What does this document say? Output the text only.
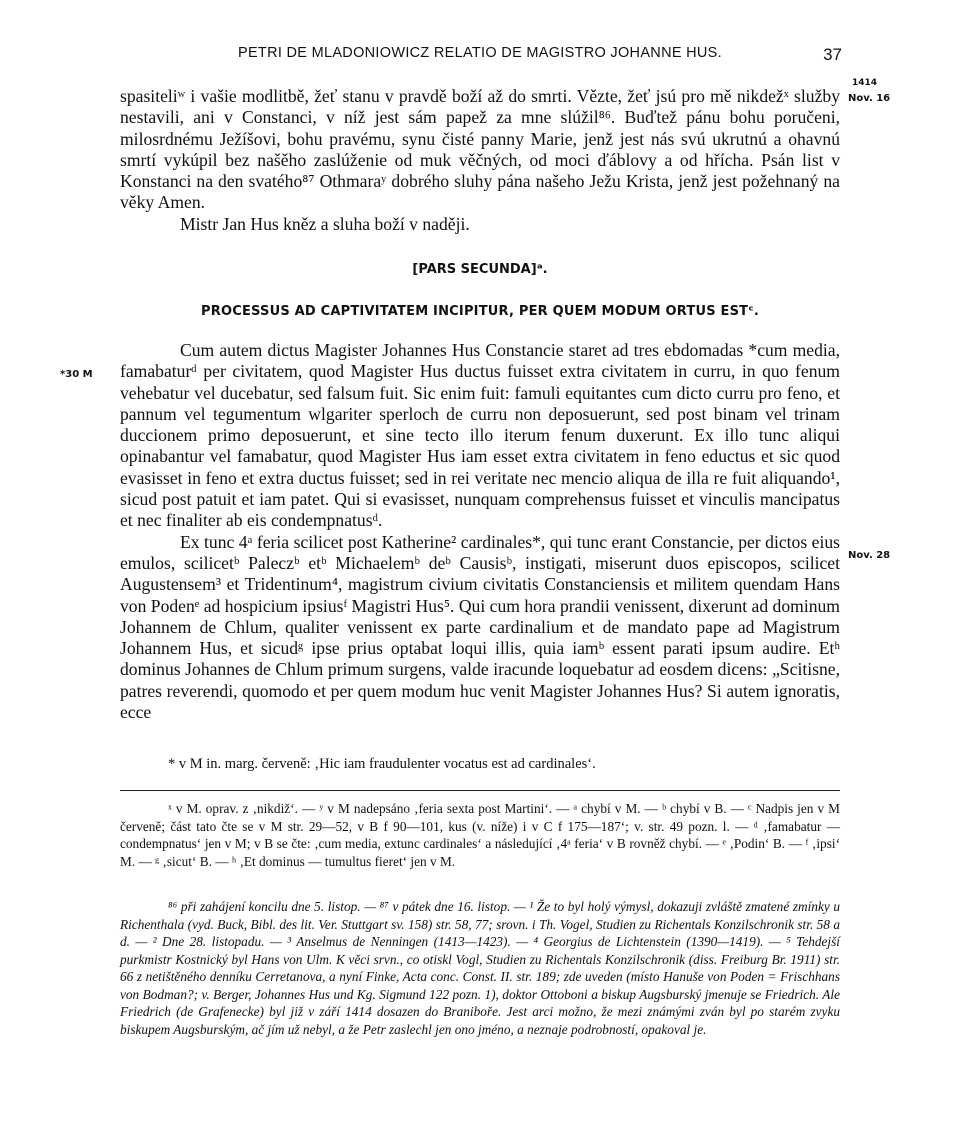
PETRI DE MLADONIOWICZ RELATIO DE MAGISTRO JOHANNE HUS.	37
1414
Nov. 16
*30 M
Nov. 28

spasiteliʷ i vašie modlitbě, žeť stanu v pravdě boží až do smrti. Vězte, žeť jsú pro mě nikdežˣ služby nestavili, ani v Constanci, v níž jest sám papež za mne slúžil⁸⁶. Buďtež pánu bohu poručeni, milosrdnému Ježíšovi, bohu pravému, synu čisté panny Marie, jenž jest nás svú ukrutnú a ohavnú smrtí vykúpil bez našěho zaslúženie od muk věčných, od moci ďáblovy a od hřícha. Psán list v Konstanci na den svatého⁸⁷ Othmaraʸ dobrého sluhy pána našeho Ježu Krista, jenž jest požehnaný na věky Amen.

Mistr Jan Hus kněz a sluha boží v naději.

[PARS SECUNDA]ᵃ.
PROCESSUS AD CAPTIVITATEM INCIPITUR, PER QUEM MODUM ORTUS ESTᶜ.

Cum autem dictus Magister Johannes Hus Constancie staret ad tres ebdomadas *cum media, famabaturᵈ per civitatem, quod Magister Hus ductus fuisset extra civitatem in curru, in quo fenum vehebatur vel ducebatur, sed falsum fuit. Sic enim fuit: famuli equitantes cum dicto curru pro feno, et pannum vel tegumentum wlgariter sperloch de curru non deposuerunt, sed post binam vel trinam duccionem primo deposuerunt, et sine tecto illo iterum fenum duxerunt. Ex illo tunc aliqui opinabantur vel famabatur, quod Magister Hus iam esset extra civitatem in feno eductus et sic quod evasisset in feno et extra ductus fuisset; sed in rei veritate nec mencio aliqua de illa re fuit aliquando¹, sicud post patuit et iam patet. Qui si evasisset, nunquam comprehensus fuisset et vinculis mancipatus et nec finaliter ab eis condempnatusᵈ.

Ex tunc 4ᵃ feria scilicet post Katherine² cardinales*, qui tunc erant Constancie, per dictos eius emulos, scilicetᵇ Paleczᵇ etᵇ Michaelemᵇ deᵇ Causisᵇ, instigati, miserunt duos episcopos, scilicet Augustensem³ et Tridentinum⁴, magistrum civium civitatis Constanciensis et militem quendam Hans von Podenᵉ ad hospicium ipsiusᶠ Magistri Hus⁵. Qui cum hora prandii venissent, dixerunt ad dominum Johannem de Chlum, qualiter venissent ex parte cardinalium et de mandato pape ad Magistrum Johannem Hus, et sicudᵍ ipse prius optabat loqui illis, quia iamᵇ essent parati ipsum audire. Etʰ dominus Johannes de Chlum primum surgens, valde iracunde loquebatur ad eosdem dicens: „Scitisne, patres reverendi, quomodo et per quem modum huc venit Magister Johannes Hus? Si autem ignoratis, ecce

* v M in. marg. červeně: ‚Hic iam fraudulenter vocatus est ad cardinales‘.

ˣ v M. oprav. z ‚nikdiž‘. — ʸ v M nadepsáno ‚feria sexta post Martini‘. — ᵃ chybí v M. — ᵇ chybí v B. — ᶜ Nadpis jen v M červeně; část tato čte se v M str. 29—52, v B f 90—101, kus (v. níže) i v C f 175—187‘; v. str. 49 pozn. l. — ᵈ ‚famabatur — condempnatus‘ jen v M; v B se čte: ‚cum media, extunc cardinales‘ a následující ‚4ᵃ feria‘ v B rovněž chybí. — ᵉ ‚Podin‘ B. — ᶠ ‚ipsi‘ M. — ᵍ ‚sicut‘ B. — ʰ ‚Et dominus — tumultus fieret‘ jen v M.

⁸⁶ při zahájení koncilu dne 5. listop. — ⁸⁷ v pátek dne 16. listop. — ¹ Že to byl holý výmysl, dokazuji zvláště zmatené zmínky u Richenthala (vyd. Buck, Bibl. des lit. Ver. Stuttgart sv. 158) str. 58, 77; srovn. i Th. Vogel, Studien zu Richentals Konzilschronik str. 58 a d. — ² Dne 28. listopadu. — ³ Anselmus de Nenningen (1413—1423). — ⁴ Georgius de Lichtenstein (1390—1419). — ⁵ Tehdejší purkmistr Kostnický byl Hans von Ulm. K věci srvn., co otiskl Vogl, Studien zu Richentals Konzilschronik (diss. Freiburg Br. 1911) str. 66 z netištěného denníku Cerretanova, a nyní Finke, Acta conc. Const. II. str. 189; zde uveden (místo Hanuše von Poden = Frischhans von Bodman?; v. Berger, Johannes Hus und Kg. Sigmund 122 pozn. 1), doktor Ottoboni a biskup Augsburský jmenuje se Friedrich. Ale Friedrich (de Grafenecke) byl již v září 1414 dosazen do Braniboře. Jest arci možno, že mezi známými zván byl po starém zvyku biskupem Augsburským, ač jím už nebyl, a že Petr zaslechl jen ono jméno, a neznaje podrobností, opakoval je.
